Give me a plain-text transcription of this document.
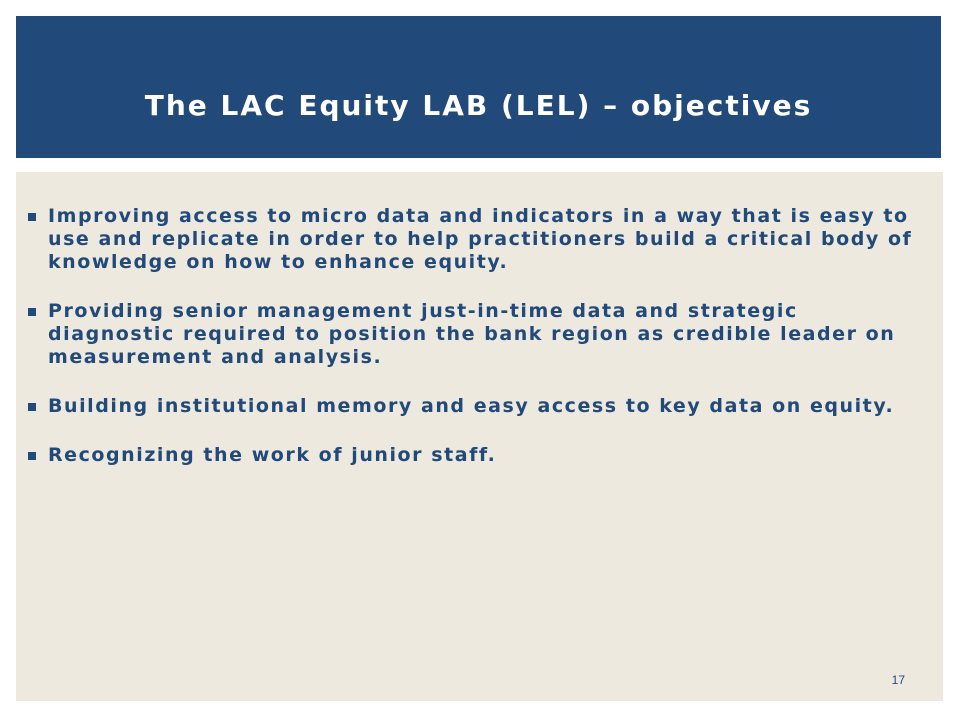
The LAC Equity LAB (LEL) – objectives
Improving access to micro data and indicators in a way that is easy to use and replicate in order to help practitioners build a critical body of knowledge on how to enhance equity.
Providing senior management just-in-time data and strategic diagnostic required to position the bank region as credible leader on measurement and analysis.
Building institutional memory and easy access to key data on equity.
Recognizing the work of junior staff.
17
